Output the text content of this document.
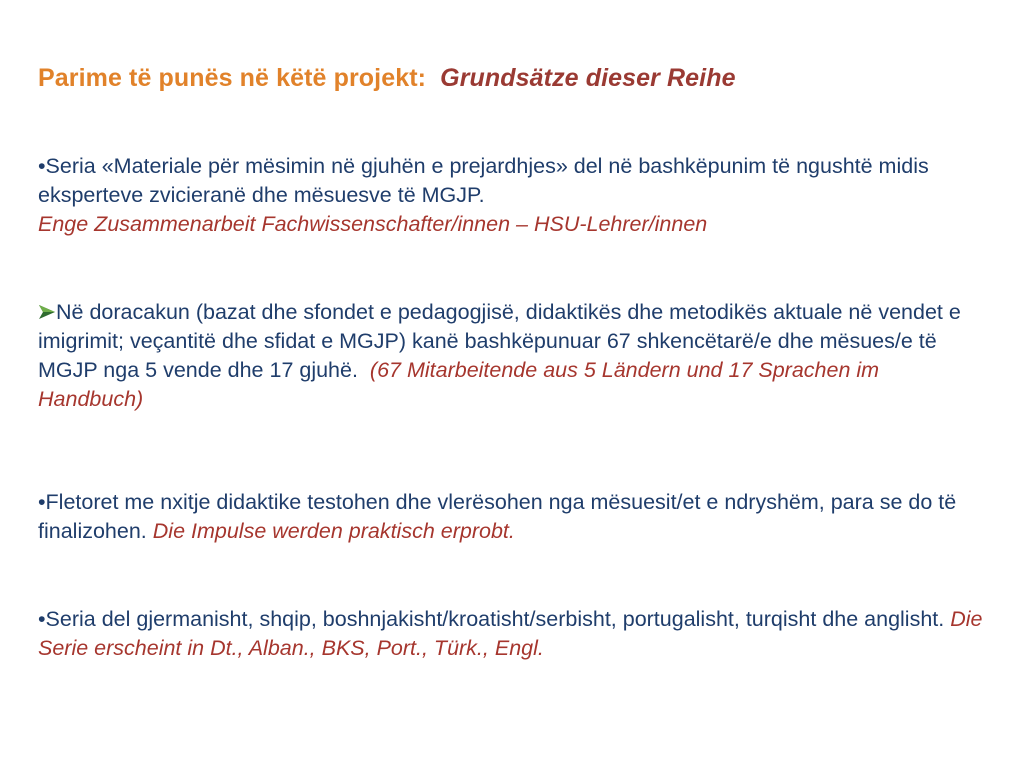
Parime të punës në këtë projekt: Grundsätze dieser Reihe
•Seria «Materiale për mësimin në gjuhën e prejardhjes» del në bashkëpunim të ngushtë midis eksperteve zvicieranë dhe mësuesve të MGJP.
Enge Zusammenarbeit Fachwissenschafter/innen – HSU-Lehrer/innen
Në doracakun (bazat dhe sfondet e pedagogjisë, didaktikës dhe metodikës aktuale në vendet e imigrimit; veçantitë dhe sfidat e MGJP) kanë bashkëpunuar 67 shkencëtarë/e dhe mësues/e të MGJP nga 5 vende dhe 17 gjuhë. (67 Mitarbeitende aus 5 Ländern und 17 Sprachen im Handbuch)
•Fletoret me nxitje didaktike testohen dhe vlerësohen nga mësuesit/et e ndryshëm, para se do të finalizohen. Die Impulse werden praktisch erprobt.
•Seria del gjermanisht, shqip, boshnjakisht/kroatisht/serbisht, portugalisht, turqisht dhe anglisht. Die Serie erscheint in Dt., Alban., BKS, Port., Türk., Engl.
